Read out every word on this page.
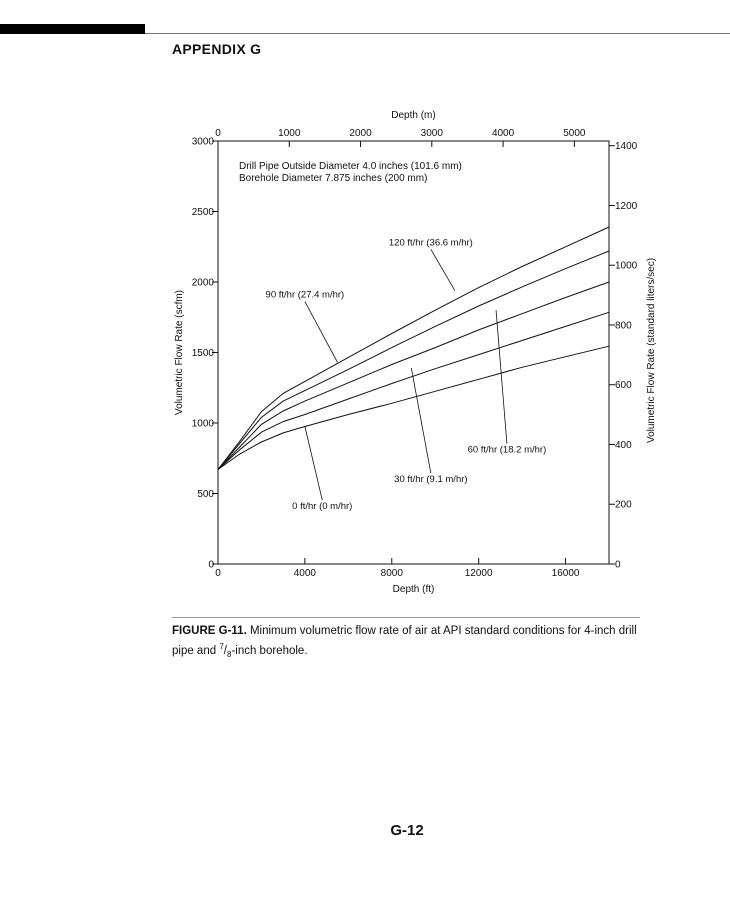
APPENDIX G
0	4000	8000	12000	16000
Depth (ft)
0	1000	2000	3000	4000	5000
Depth (m)
0
500
1000
1500
2000
2500
3000
Volumetric Flow Rate (scfm)
0
200
400
600
800
1000
1200
1400
Volumetric Flow Rate (standard liters/sec)
Drill Pipe Outside Diameter 4.0 inches (101.6 mm)
Borehole Diameter 7.875 inches (200 mm)
120 ft/hr (36.6 m/hr)
90 ft/hr (27.4 m/hr)
60 ft/hr (18.2 m/hr)
30 ft/hr (9.1 m/hr)
0 ft/hr (0 m/hr)
FIGURE G-11. Minimum volumetric flow rate of air at API standard conditions for 4-inch drill pipe and $^7/_8$-inch borehole.
G-12
